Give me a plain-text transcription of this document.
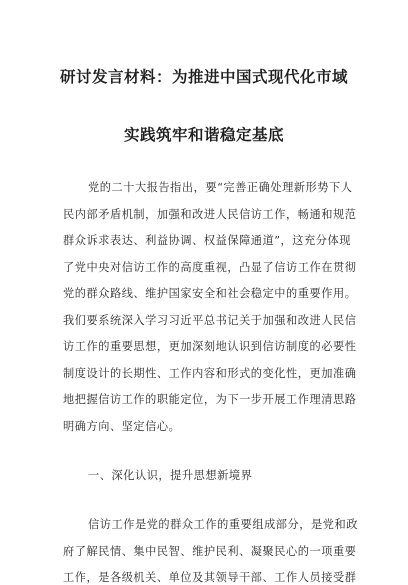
研讨发言材料：为推进中国式现代化市域
实践筑牢和谐稳定基底
党的二十大报告指出，要“完善正确处理新形势下人
民内部矛盾机制，加强和改进人民信访工作，畅通和规范
群众诉求表达、利益协调、权益保障通道”，这充分体现
了党中央对信访工作的高度重视，凸显了信访工作在贯彻
党的群众路线、维护国家安全和社会稳定中的重要作用。
我们要系统深入学习习近平总书记关于加强和改进人民信
访工作的重要思想，更加深刻地认识到信访制度的必要性
制度设计的长期性、工作内容和形式的变化性，更加准确
地把握信访工作的职能定位，为下一步开展工作理清思路
明确方向、坚定信心。
一、深化认识，提升思想新境界
信访工作是党的群众工作的重要组成部分，是党和政
府了解民情、集中民智、维护民利、凝聚民心的一项重要
工作，是各级机关、单位及其领导干部、工作人员接受群
